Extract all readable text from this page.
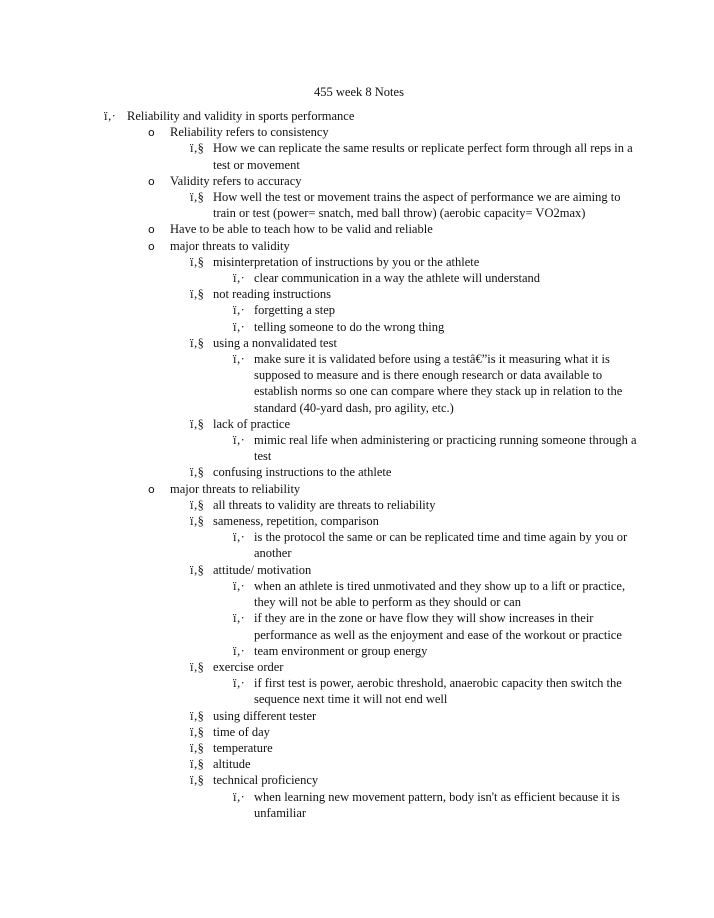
455 week 8 Notes
ï‚· Reliability and validity in sports performance
o Reliability refers to consistency
ï‚§ How we can replicate the same results or replicate perfect form through all reps in a test or movement
o Validity refers to accuracy
ï‚§ How well the test or movement trains the aspect of performance we are aiming to train or test (power= snatch, med ball throw) (aerobic capacity= VO2max)
o Have to be able to teach how to be valid and reliable
o major threats to validity
ï‚§ misinterpretation of instructions by you or the athlete
ï‚· clear communication in a way the athlete will understand
ï‚§ not reading instructions
ï‚· forgetting a step
ï‚· telling someone to do the wrong thing
ï‚§ using a nonvalidated test
ï‚· make sure it is validated before using a testâ€”is it measuring what it is supposed to measure and is there enough research or data available to establish norms so one can compare where they stack up in relation to the standard (40-yard dash, pro agility, etc.)
ï‚§ lack of practice
ï‚· mimic real life when administering or practicing running someone through a test
ï‚§ confusing instructions to the athlete
o major threats to reliability
ï‚§ all threats to validity are threats to reliability
ï‚§ sameness, repetition, comparison
ï‚· is the protocol the same or can be replicated time and time again by you or another
ï‚§ attitude/ motivation
ï‚· when an athlete is tired unmotivated and they show up to a lift or practice, they will not be able to perform as they should or can
ï‚· if they are in the zone or have flow they will show increases in their performance as well as the enjoyment and ease of the workout or practice
ï‚· team environment or group energy
ï‚§ exercise order
ï‚· if first test is power, aerobic threshold, anaerobic capacity then switch the sequence next time it will not end well
ï‚§ using different tester
ï‚§ time of day
ï‚§ temperature
ï‚§ altitude
ï‚§ technical proficiency
ï‚· when learning new movement pattern, body isn't as efficient because it is unfamiliar
